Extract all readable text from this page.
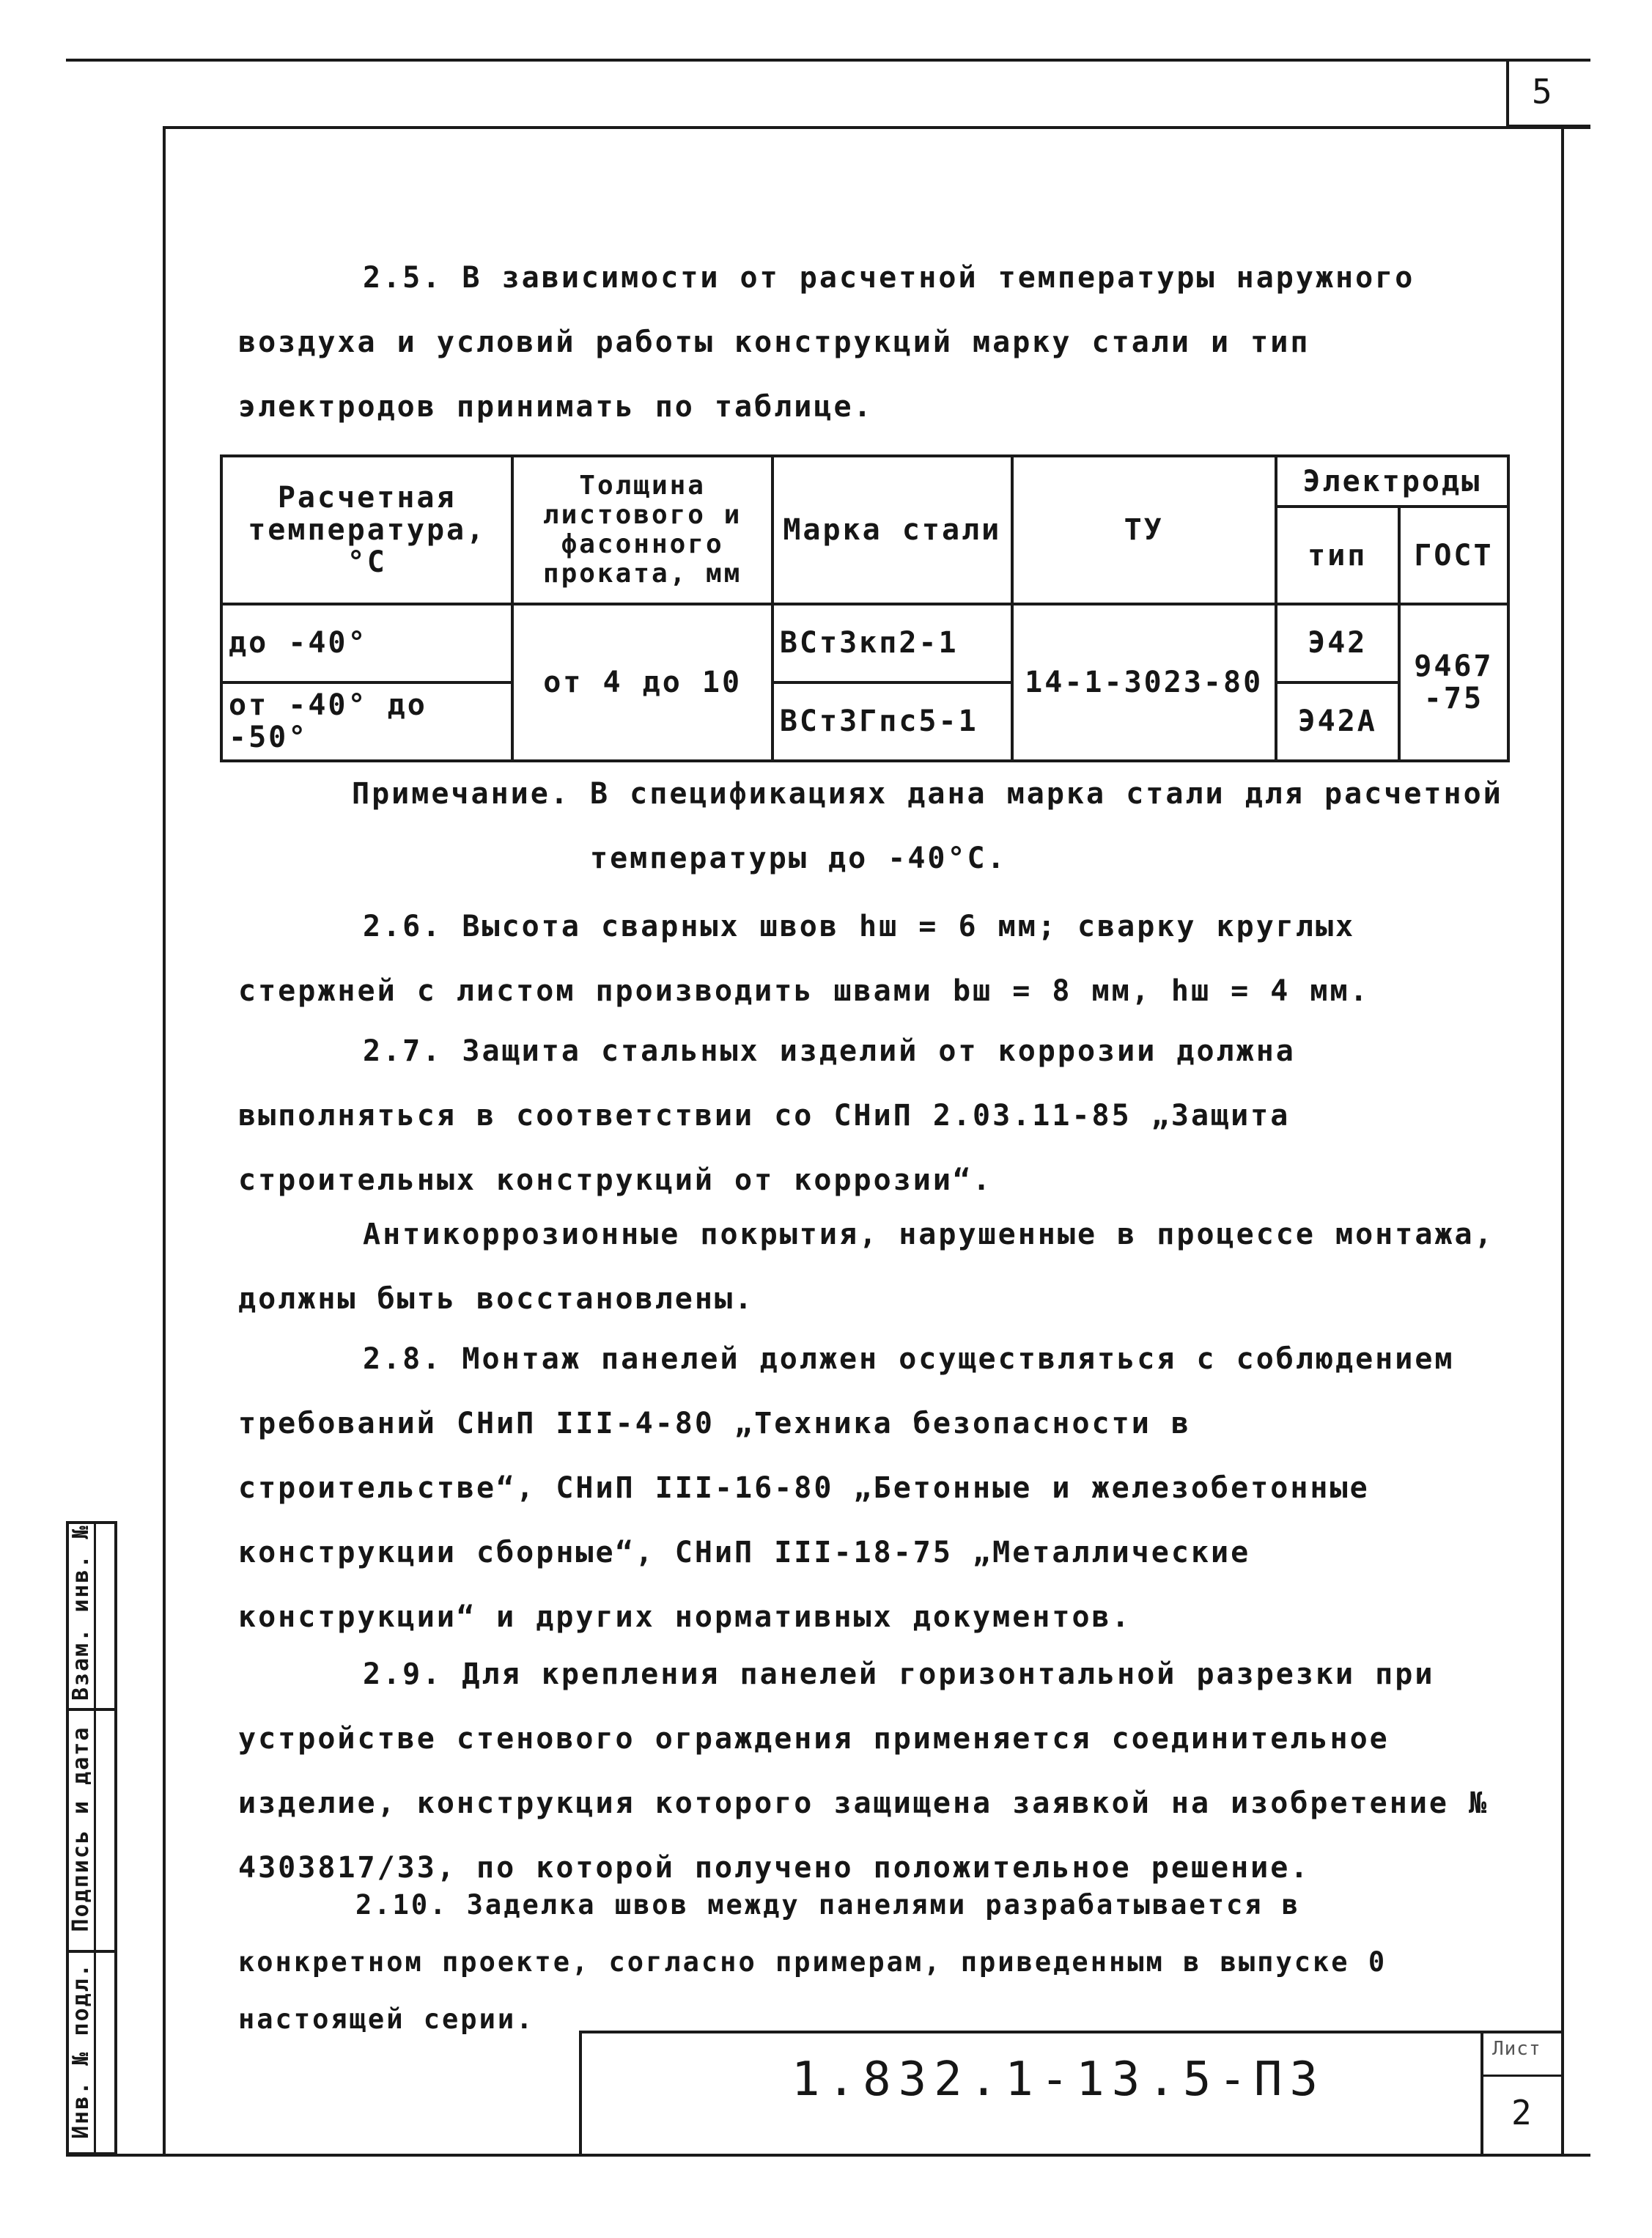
5
2.5. В зависимости от расчетной температуры наружного воздуха и условий работы конструкций марку стали и тип электродов принимать по таблице.
Расчетная температура, °C	Толщина листового и фасонного проката, мм	Марка стали	ТУ	Электроды	
				тип	ГОСТ
до -40°	от 4 до 10	ВСт3кп2-1	14-1-3023-80	Э42	9467-75
от -40° до -50°		ВСт3Гпс5-1		Э42А	
Примечание. В спецификациях дана марка стали для расчетной
температуры до -40°С.
2.6. Высота сварных швов hш = 6 мм; сварку круглых стержней с листом производить швами bш = 8 мм, hш = 4 мм.
2.7. Защита стальных изделий от коррозии должна выполняться в соответствии со СНиП 2.03.11-85 „Защита строительных конструкций от коррозии“.
Антикоррозионные покрытия, нарушенные в процессе монтажа, должны быть восстановлены.
2.8. Монтаж панелей должен осуществляться с соблюдением требований СНиП III-4-80 „Техника безопасности в строительстве“, СНиП III-16-80 „Бетонные и железобетонные конструкции сборные“, СНиП III-18-75 „Металлические конструкции“ и других нормативных документов.
2.9. Для крепления панелей горизонтальной разрезки при устройстве стенового ограждения применяется соединительное изделие, конструкция которого защищена заявкой на изобретение № 4303817/33, по которой получено положительное решение.
2.10. Заделка швов между панелями разрабатывается в конкретном проекте, согласно примерам, приведенным в выпуске 0 настоящей серии.
1.832.1-13.5-ПЗ
Лист
2
Взам. инв. №
Подпись и дата
Инв. № подл.
